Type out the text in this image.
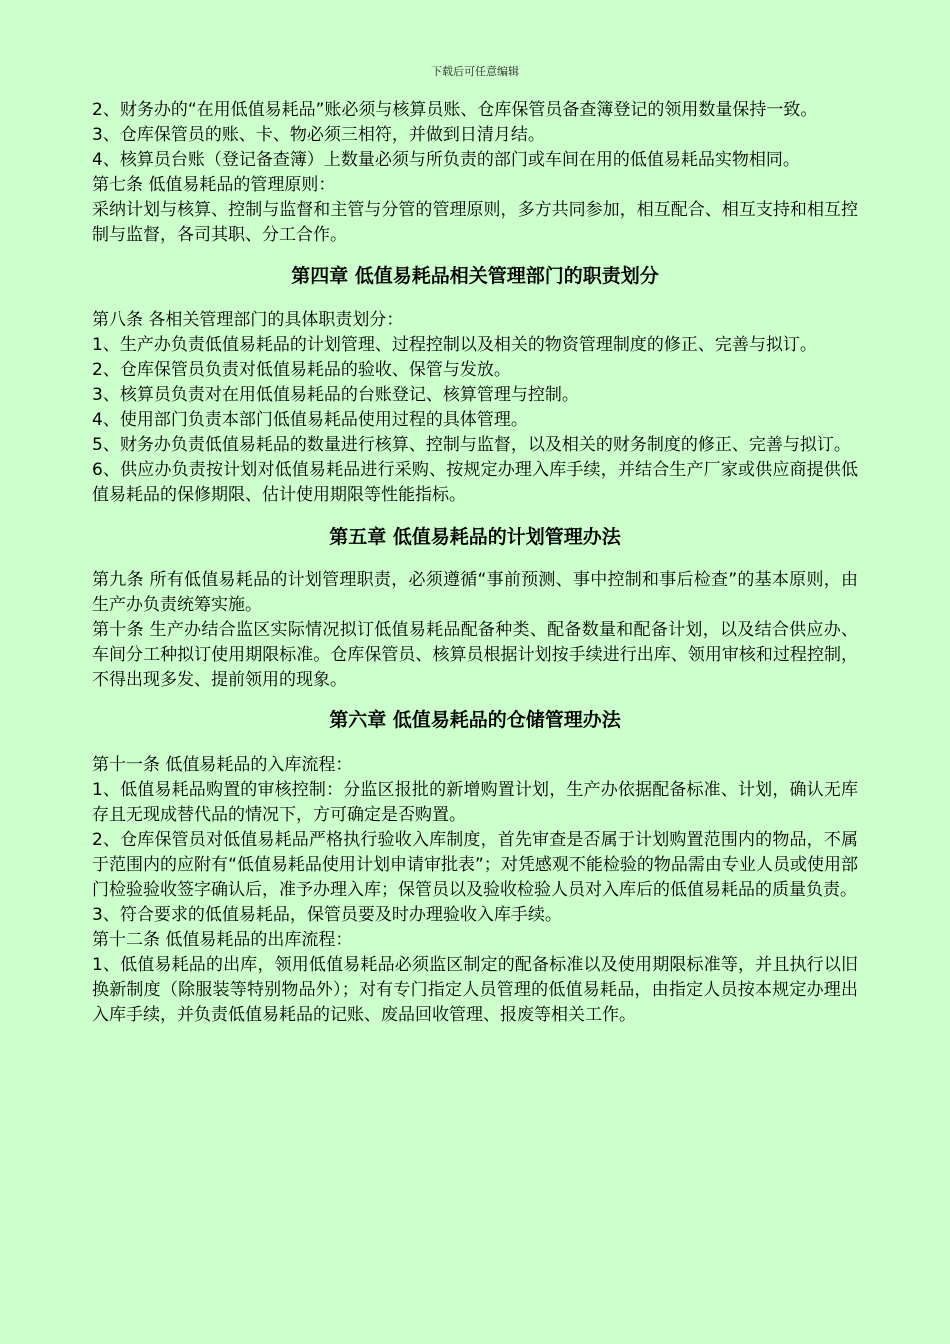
下载后可任意编辑

2、财务办的“在用低值易耗品”账必须与核算员账、仓库保管员备查簿登记的领用数量保持一致。

3、仓库保管员的账、卡、物必须三相符，并做到日清月结。

4、核算员台账（登记备查簿）上数量必须与所负责的部门或车间在用的低值易耗品实物相同。

第七条 低值易耗品的管理原则：

采纳计划与核算、控制与监督和主管与分管的管理原则，多方共同参加，相互配合、相互支持和相互控制与监督，各司其职、分工合作。

第四章 低值易耗品相关管理部门的职责划分

第八条 各相关管理部门的具体职责划分：

1、生产办负责低值易耗品的计划管理、过程控制以及相关的物资管理制度的修正、完善与拟订。

2、仓库保管员负责对低值易耗品的验收、保管与发放。

3、核算员负责对在用低值易耗品的台账登记、核算管理与控制。

4、使用部门负责本部门低值易耗品使用过程的具体管理。

5、财务办负责低值易耗品的数量进行核算、控制与监督，以及相关的财务制度的修正、完善与拟订。

6、供应办负责按计划对低值易耗品进行采购、按规定办理入库手续，并结合生产厂家或供应商提供低值易耗品的保修期限、估计使用期限等性能指标。

第五章 低值易耗品的计划管理办法

第九条 所有低值易耗品的计划管理职责，必须遵循“事前预测、事中控制和事后检查”的基本原则，由生产办负责统筹实施。

第十条 生产办结合监区实际情况拟订低值易耗品配备种类、配备数量和配备计划，以及结合供应办、车间分工种拟订使用期限标准。仓库保管员、核算员根据计划按手续进行出库、领用审核和过程控制，不得出现多发、提前领用的现象。

第六章 低值易耗品的仓储管理办法

第十一条 低值易耗品的入库流程：

1、低值易耗品购置的审核控制：分监区报批的新增购置计划，生产办依据配备标准、计划，确认无库存且无现成替代品的情况下，方可确定是否购置。

2、仓库保管员对低值易耗品严格执行验收入库制度，首先审查是否属于计划购置范围内的物品，不属于范围内的应附有“低值易耗品使用计划申请审批表”；对凭感观不能检验的物品需由专业人员或使用部门检验验收签字确认后，准予办理入库；保管员以及验收检验人员对入库后的低值易耗品的质量负责。

3、符合要求的低值易耗品，保管员要及时办理验收入库手续。

第十二条 低值易耗品的出库流程：

1、低值易耗品的出库，领用低值易耗品必须监区制定的配备标准以及使用期限标准等，并且执行以旧换新制度（除服装等特别物品外）；对有专门指定人员管理的低值易耗品，由指定人员按本规定办理出入库手续，并负责低值易耗品的记账、废品回收管理、报废等相关工作。
